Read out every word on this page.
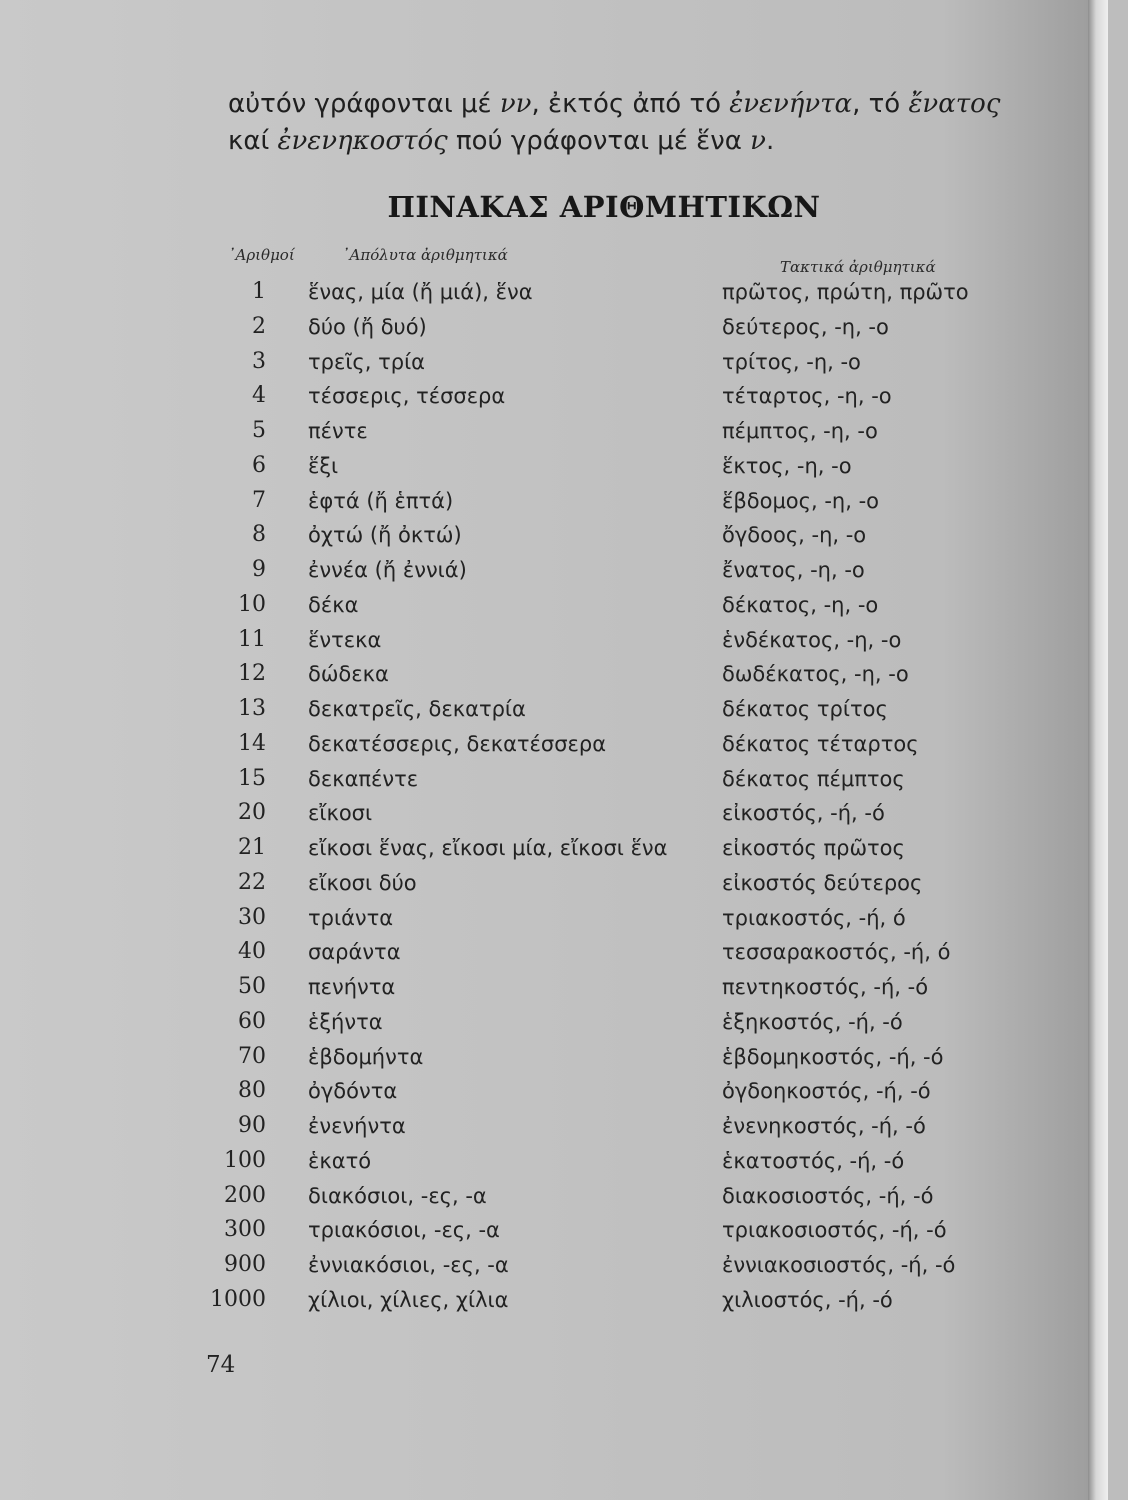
αὐτόν γράφονται μέ νν, ἐκτός ἀπό τό ἐνενήντα, τό ἔνατος
καί ἐνενηκοστός πού γράφονται μέ ἕνα ν.

ΠΙΝΑΚΑΣ ΑΡΙΘΜΗΤΙΚΩΝ
᾿Αριθμοί	᾿Απόλυτα ἀριθμητικά
Τακτικά ἀριθμητικά
1 ἕνας, μία (ἤ μιά), ἕνα	πρῶτος, πρώτη, πρῶτο
2 δύο (ἤ δυό)	δεύτερος, -η, -ο
3 τρεῖς, τρία	τρίτος, -η, -ο
4 τέσσερις, τέσσερα	τέταρτος, -η, -ο
5 πέντε	πέμπτος, -η, -ο
6 ἕξι	ἕκτος, -η, -ο
7 ἑφτά (ἤ ἑπτά)	ἕβδομος, -η, -ο
8 ὀχτώ (ἤ ὀκτώ)	ὄγδοος, -η, -ο
9 ἐννέα (ἤ ἐννιά)	ἔνατος, -η, -ο
10 δέκα	δέκατος, -η, -ο
11 ἕντεκα	ἑνδέκατος, -η, -ο
12 δώδεκα	δωδέκατος, -η, -ο
13 δεκατρεῖς, δεκατρία	δέκατος τρίτος
14 δεκατέσσερις, δεκατέσσερα	δέκατος τέταρτος
15 δεκαπέντε	δέκατος πέμπτος
20 εἴκοσι	εἰκοστός, -ή, -ό
21 εἴκοσι ἕνας, εἴκοσι μία, εἴκοσι ἕνα	εἰκοστός πρῶτος
22 εἴκοσι δύο	εἰκοστός δεύτερος
30 τριάντα	τριακοστός, -ή, ό
40 σαράντα	τεσσαρακοστός, -ή, ό
50 πενήντα	πεντηκοστός, -ή, -ό
60 ἑξήντα	ἑξηκοστός, -ή, -ό
70 ἑβδομήντα	ἑβδομηκοστός, -ή, -ό
80 ὀγδόντα	ὀγδοηκοστός, -ή, -ό
90 ἐνενήντα	ἐνενηκοστός, -ή, -ό
100 ἑκατό	ἑκατοστός, -ή, -ό
200 διακόσιοι, -ες, -α	διακοσιοστός, -ή, -ό
300 τριακόσιοι, -ες, -α	τριακοσιοστός, -ή, -ό
900 ἐννιακόσιοι, -ες, -α	ἐννιακοσιοστός, -ή, -ό
1000 χίλιοι, χίλιες, χίλια	χιλιοστός, -ή, -ό
74
